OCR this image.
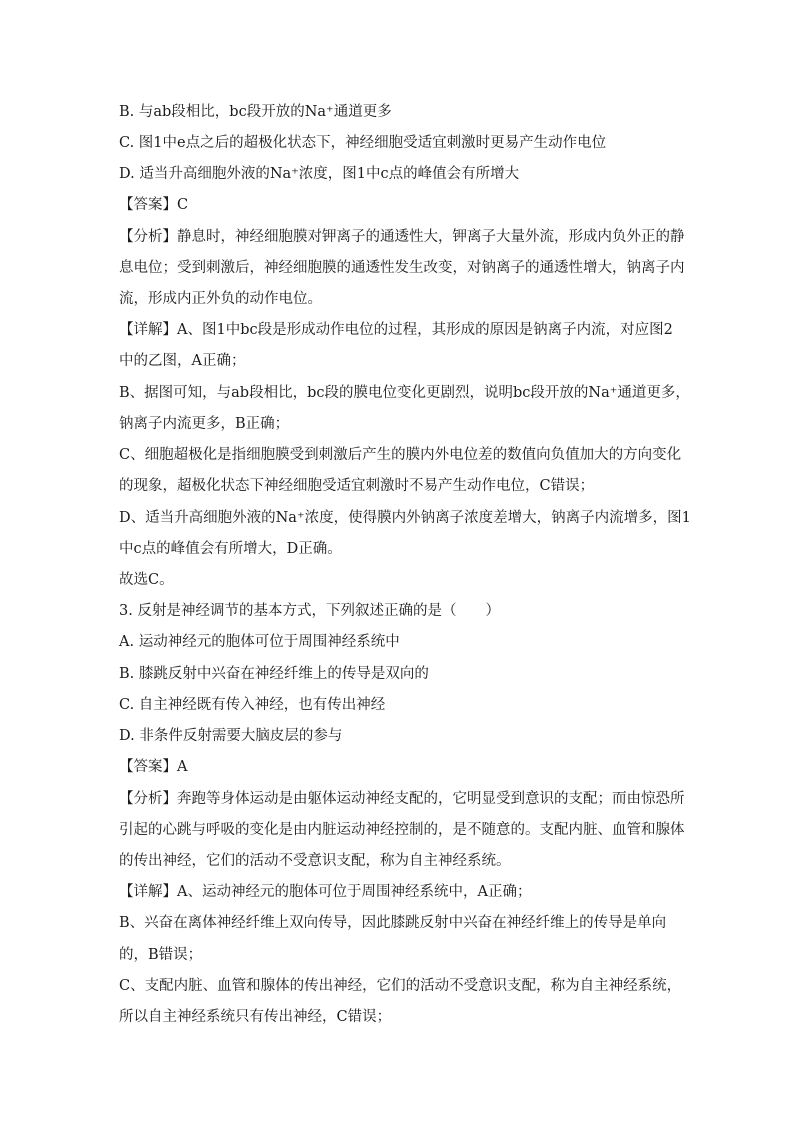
B. 与ab段相比，bc段开放的Na⁺通道更多
C. 图1中e点之后的超极化状态下，神经细胞受适宜刺激时更易产生动作电位
D. 适当升高细胞外液的Na⁺浓度，图1中c点的峰值会有所增大
【答案】C
【分析】静息时，神经细胞膜对钾离子的通透性大，钾离子大量外流，形成内负外正的静
息电位；受到刺激后，神经细胞膜的通透性发生改变，对钠离子的通透性增大，钠离子内
流，形成内正外负的动作电位。
【详解】A、图1中bc段是形成动作电位的过程，其形成的原因是钠离子内流，对应图2
中的乙图，A正确；
B、据图可知，与ab段相比，bc段的膜电位变化更剧烈，说明bc段开放的Na⁺通道更多，
钠离子内流更多，B正确；
C、细胞超极化是指细胞膜受到刺激后产生的膜内外电位差的数值向负值加大的方向变化
的现象，超极化状态下神经细胞受适宜刺激时不易产生动作电位，C错误；
D、适当升高细胞外液的Na⁺浓度，使得膜内外钠离子浓度差增大，钠离子内流增多，图1
中c点的峰值会有所增大，D正确。
故选C。
3. 反射是神经调节的基本方式，下列叙述正确的是（　　）
A. 运动神经元的胞体可位于周围神经系统中
B. 膝跳反射中兴奋在神经纤维上的传导是双向的
C. 自主神经既有传入神经，也有传出神经
D. 非条件反射需要大脑皮层的参与
【答案】A
【分析】奔跑等身体运动是由躯体运动神经支配的，它明显受到意识的支配；而由惊恐所
引起的心跳与呼吸的变化是由内脏运动神经控制的，是不随意的。支配内脏、血管和腺体
的传出神经，它们的活动不受意识支配，称为自主神经系统。
【详解】A、运动神经元的胞体可位于周围神经系统中，A正确；
B、兴奋在离体神经纤维上双向传导，因此膝跳反射中兴奋在神经纤维上的传导是单向
的，B错误；
C、支配内脏、血管和腺体的传出神经，它们的活动不受意识支配，称为自主神经系统，
所以自主神经系统只有传出神经，C错误；
